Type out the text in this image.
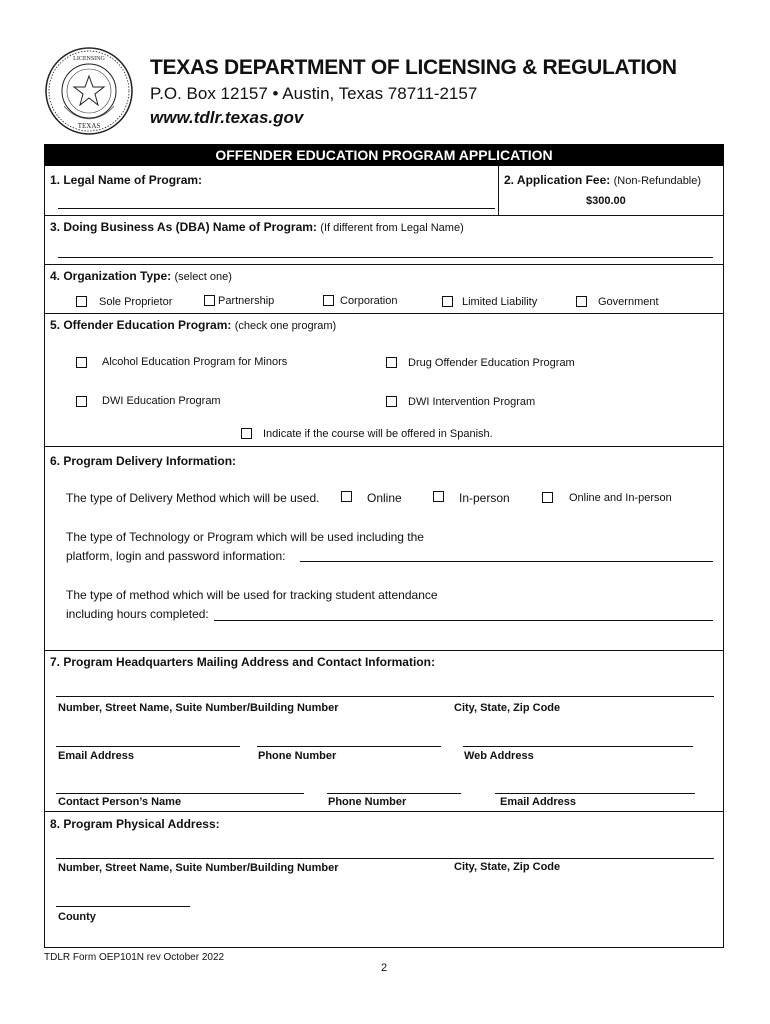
TEXAS
LICENSING TEXAS DEPARTMENT OF LICENSING & REGULATION
P.O. Box 12157 • Austin, Texas 78711-2157
www.tdlr.texas.gov
OFFENDER EDUCATION PROGRAM APPLICATION
1. Legal Name of Program:	2. Application Fee: (Non-Refundable)
$300.00
3. Doing Business As (DBA) Name of Program: (If different from Legal Name)
4. Organization Type: (select one)
Sole Proprietor	Partnership	Corporation	Limited Liability	Government
5. Offender Education Program: (check one program)
Alcohol Education Program for Minors	Drug Offender Education Program
DWI Education Program	DWI Intervention Program
Indicate if the course will be offered in Spanish.
6. Program Delivery Information:
The type of Delivery Method which will be used.	Online	In-person	Online and In-person
The type of Technology or Program which will be used including the
platform, login and password information:
The type of method which will be used for tracking student attendance
including hours completed:
7. Program Headquarters Mailing Address and Contact Information:
Number, Street Name, Suite Number/Building Number	City, State, Zip Code
Email Address	Phone Number	Web Address
Contact Person’s Name	Phone Number	Email Address
8. Program Physical Address:
Number, Street Name, Suite Number/Building Number	City, State, Zip Code
County
TDLR Form OEP101N rev October 2022
2
